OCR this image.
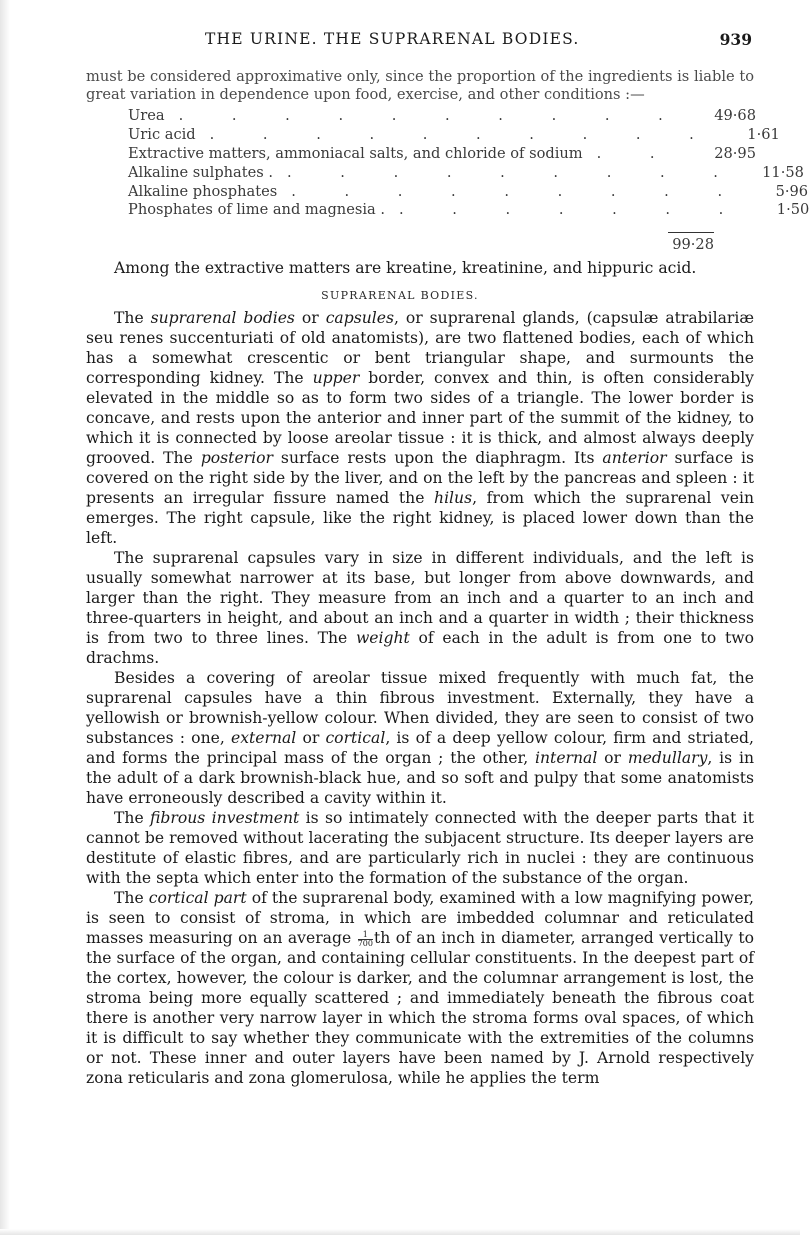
THE URINE. THE SUPRARENAL BODIES.	939
must be considered approximative only, since the proportion of the ingredients is liable to great variation in dependence upon food, exercise, and other conditions :—
Urea . . . . . . . . . .	49·68
Uric acid . . . . . . . . . .	1·61
Extractive matters, ammoniacal salts, and chloride of sodium . .	28·95
Alkaline sulphates . . . . . . . . . .	11·58
Alkaline phosphates . . . . . . . . .	5·96
Phosphates of lime and magnesia . . . . . . . .	1·50
99·28
Among the extractive matters are kreatine, kreatinine, and hippuric acid.
SUPRARENAL BODIES.

The suprarenal bodies or capsules, or suprarenal glands, (capsulæ atrabilariæ seu renes succenturiati of old anatomists), are two flattened bodies, each of which has a somewhat crescentic or bent triangular shape, and surmounts the corresponding kidney. The upper border, convex and thin, is often considerably elevated in the middle so as to form two sides of a triangle. The lower border is concave, and rests upon the anterior and inner part of the summit of the kidney, to which it is connected by loose areolar tissue : it is thick, and almost always deeply grooved. The posterior surface rests upon the diaphragm. Its anterior surface is covered on the right side by the liver, and on the left by the pancreas and spleen : it presents an irregular fissure named the hilus, from which the suprarenal vein emerges. The right capsule, like the right kidney, is placed lower down than the left.

The suprarenal capsules vary in size in different individuals, and the left is usually somewhat narrower at its base, but longer from above downwards, and larger than the right. They measure from an inch and a quarter to an inch and three-quarters in height, and about an inch and a quarter in width ; their thickness is from two to three lines. The weight of each in the adult is from one to two drachms.

Besides a covering of areolar tissue mixed frequently with much fat, the suprarenal capsules have a thin fibrous investment. Externally, they have a yellowish or brownish-yellow colour. When divided, they are seen to consist of two substances : one, external or cortical, is of a deep yellow colour, firm and striated, and forms the principal mass of the organ ; the other, internal or medullary, is in the adult of a dark brownish-black hue, and so soft and pulpy that some anatomists have erroneously described a cavity within it.

The fibrous investment is so intimately connected with the deeper parts that it cannot be removed without lacerating the subjacent structure. Its deeper layers are destitute of elastic fibres, and are particularly rich in nuclei : they are continuous with the septa which enter into the formation of the substance of the organ.

The cortical part of the suprarenal body, examined with a low magnifying power, is seen to consist of stroma, in which are imbedded columnar and reticulated masses measuring on an average $\frac{1}{700}$ th of an inch in diameter, arranged vertically to the surface of the organ, and containing cellular constituents. In the deepest part of the cortex, however, the colour is darker, and the columnar arrangement is lost, the stroma being more equally scattered ; and immediately beneath the fibrous coat there is another very narrow layer in which the stroma forms oval spaces, of which it is difficult to say whether they communicate with the extremities of the columns or not. These inner and outer layers have been named by J. Arnold respectively zona reticularis and zona glomerulosa, while he applies the term
